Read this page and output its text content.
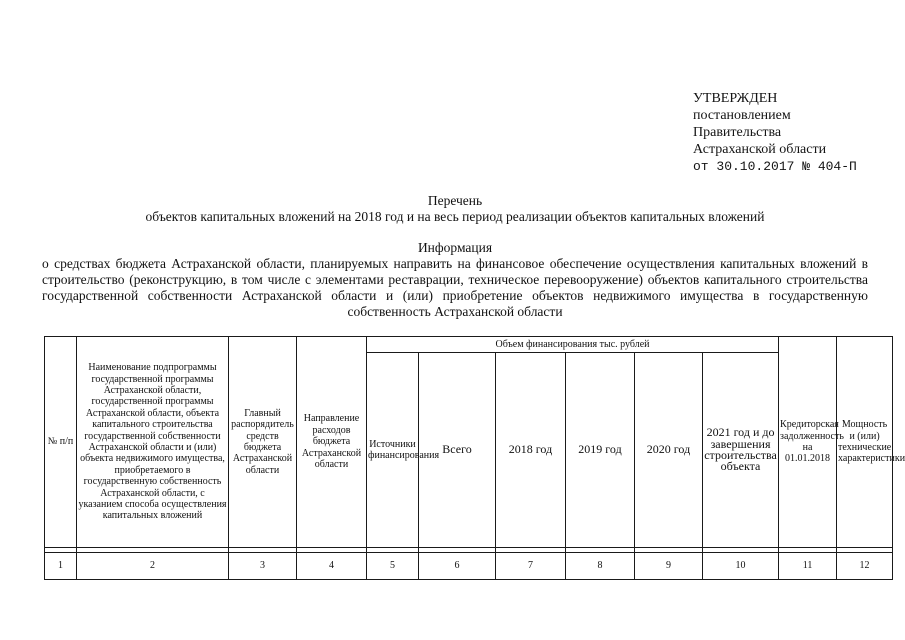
УТВЕРЖДЕН
постановлением
Правительства
Астраханской области
от 30.10.2017 № 404-П
Перечень
объектов капитальных вложений на 2018 год и на весь период реализации объектов капитальных вложений
Информация
о средствах бюджета Астраханской области, планируемых направить на финансовое обеспечение осуществления капитальных вложений в строительство (реконструкцию, в том числе с элементами реставрации, техническое перевооружение) объектов капитального строительства государственной собственности Астраханской области и (или) приобретение объектов недвижимого имущества в государственную собственность Астраханской области
№ п/п	Наименование подпрограммы государственной программы Астраханской области, государственной программы Астраханской области, объекта капитального строительства государственной собственности Астраханской области и (или) объекта недвижимого имущества, приобретаемого в государственную собственность Астраханской области, с указанием способа осуществления капитальных вложений	Главный распорядитель средств бюджета Астраханской области	Направление расходов бюджета Астраханской области	Объем финансирования тыс. рублей						Кредиторская задолженность на 01.01.2018	Мощность и (или) технические характеристики
				Источники финансирования	Всего	2018 год	2019 год	2020 год	2021 год и до завершения строительства объекта		

1	2	3	4	5	6	7	8	9	10	11	12
